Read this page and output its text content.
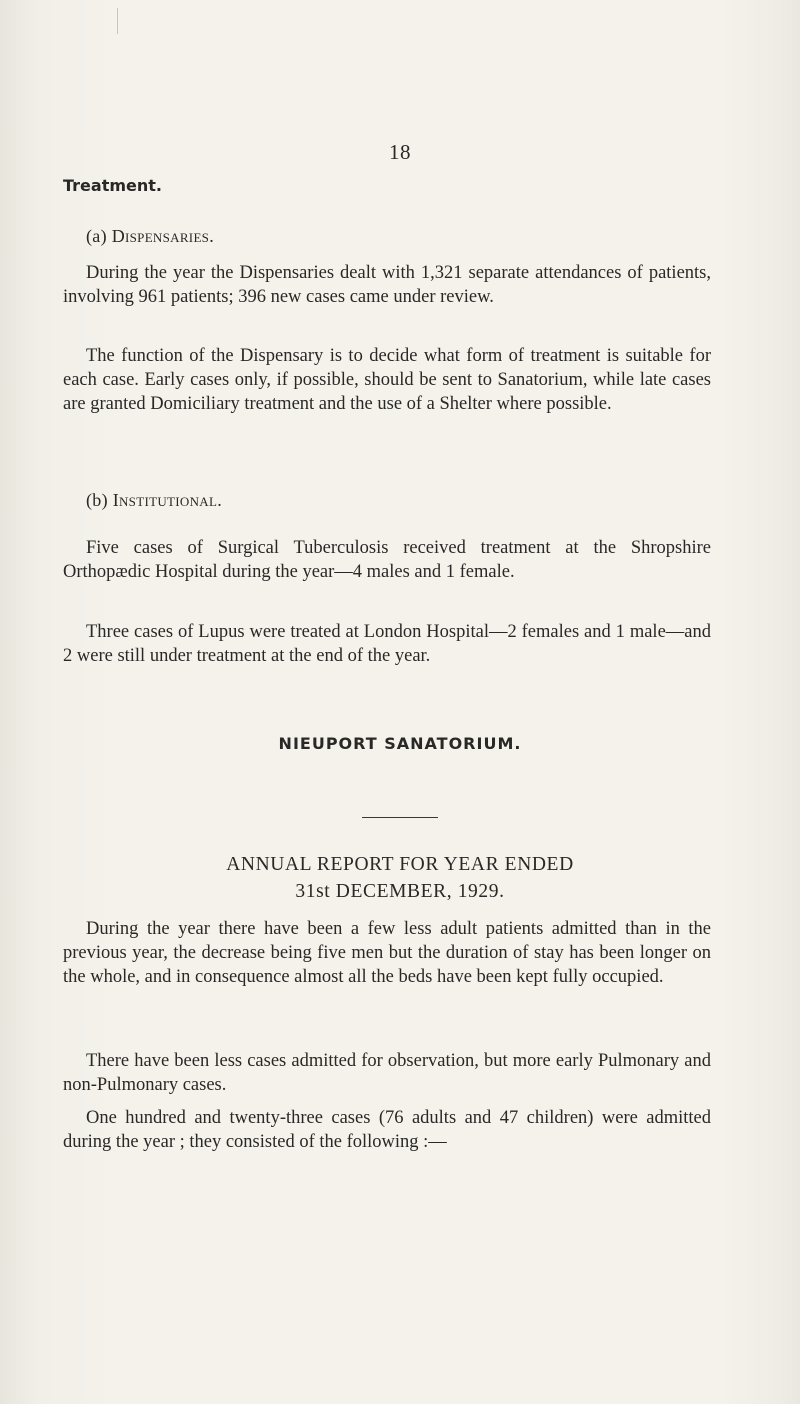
18
Treatment.
(a) Dispensaries.

During the year the Dispensaries dealt with 1,321 separate attendances of patients, involving 961 patients; 396 new cases came under review.

The function of the Dispensary is to decide what form of treatment is suitable for each case. Early cases only, if possible, should be sent to Sanatorium, while late cases are granted Domiciliary treatment and the use of a Shelter where possible.

(b) Institutional.

Five cases of Surgical Tuberculosis received treatment at the Shropshire Orthopædic Hospital during the year—4 males and 1 female.

Three cases of Lupus were treated at London Hospital—2 females and 1 male—and 2 were still under treatment at the end of the year.

NIEUPORT SANATORIUM.
ANNUAL REPORT FOR YEAR ENDED
31st DECEMBER, 1929.

During the year there have been a few less adult patients admitted than in the previous year, the decrease being five men but the duration of stay has been longer on the whole, and in consequence almost all the beds have been kept fully occupied.

There have been less cases admitted for observation, but more early Pulmonary and non-Pulmonary cases.

One hundred and twenty-three cases (76 adults and 47 children) were admitted during the year ; they consisted of the following :—
